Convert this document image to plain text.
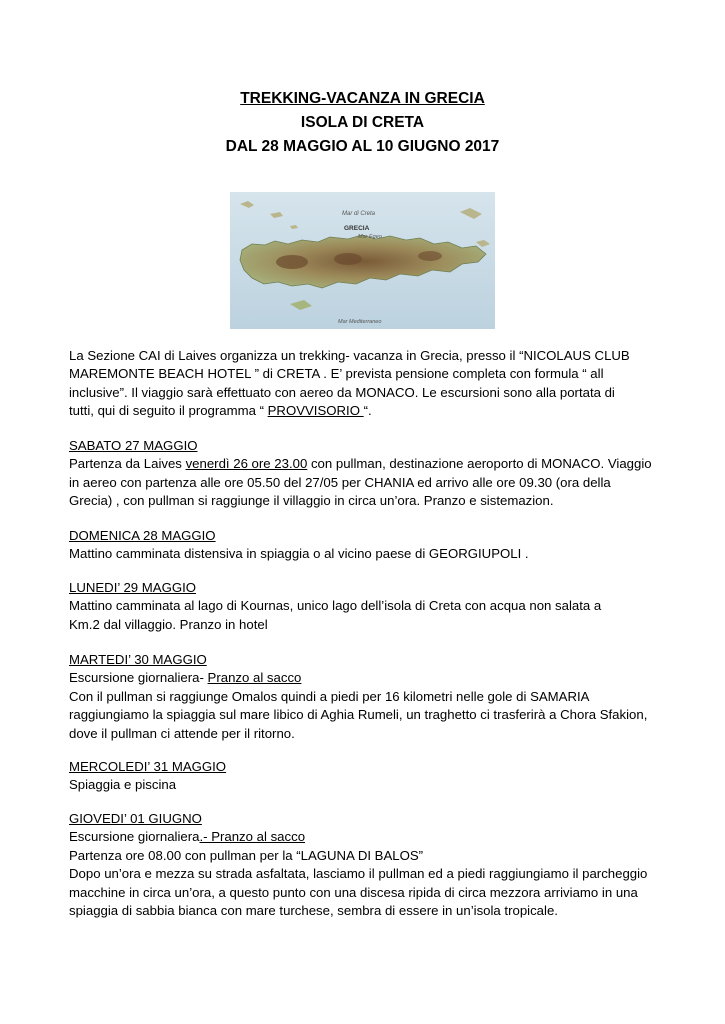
TREKKING-VACANZA IN GRECIA
ISOLA DI CRETA
DAL 28 MAGGIO AL 10 GIUGNO 2017
Mar di Creta
GRECIA
Mar Egeo
Mar Mediterraneo
La Sezione CAI di Laives organizza un trekking- vacanza in Grecia, presso il “NICOLAUS CLUB
MAREMONTE BEACH HOTEL ” di CRETA . E’ prevista pensione completa con formula “ all
inclusive”. Il viaggio sarà effettuato con aereo da MONACO. Le escursioni sono alla portata di
tutti, qui di seguito il programma “ PROVVISORIO “.
SABATO 27 MAGGIO
Partenza da Laives venerdì 26 ore 23.00 con pullman, destinazione aeroporto di MONACO. Viaggio
in aereo con partenza alle ore 05.50 del 27/05 per CHANIA ed arrivo alle ore 09.30 (ora della
Grecia) , con pullman si raggiunge il villaggio in circa un’ora. Pranzo e sistemazion.
DOMENICA 28 MAGGIO
Mattino camminata distensiva in spiaggia o al vicino paese di GEORGIUPOLI .
LUNEDI’ 29 MAGGIO
Mattino camminata al lago di Kournas, unico lago dell’isola di Creta con acqua non salata a
Km.2 dal villaggio. Pranzo in hotel
MARTEDI’ 30 MAGGIO
Escursione giornaliera- Pranzo al sacco
Con il pullman si raggiunge Omalos quindi a piedi per 16 kilometri nelle gole di SAMARIA
raggiungiamo la spiaggia sul mare libico di Aghia Rumeli, un traghetto ci trasferirà a Chora Sfakion,
dove il pullman ci attende per il ritorno.
MERCOLEDI’ 31 MAGGIO
Spiaggia e piscina
GIOVEDI’ 01 GIUGNO
Escursione giornaliera.- Pranzo al sacco
Partenza ore 08.00 con pullman per la “LAGUNA DI BALOS”
Dopo un’ora e mezza su strada asfaltata, lasciamo il pullman ed a piedi raggiungiamo il parcheggio
macchine in circa un’ora, a questo punto con una discesa ripida di circa mezzora arriviamo in una
spiaggia di sabbia bianca con mare turchese, sembra di essere in un’isola tropicale.
